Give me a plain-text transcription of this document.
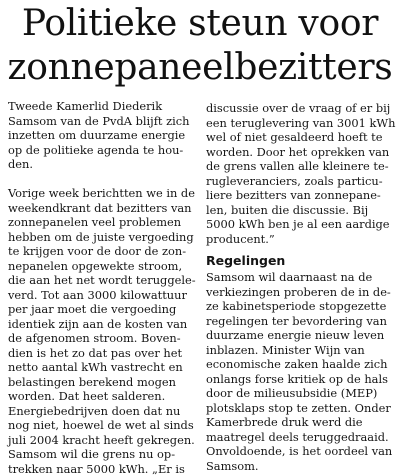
Politieke steun voor
zonnepaneelbezitters
Tweede Kamerlid Diederik
Samsom van de PvdA blijft zich
inzetten om duurzame energie
op de politieke agenda te hou-
den.
Vorige week berichtten we in de
weekendkrant dat bezitters van
zonnepanelen veel problemen
hebben om de juiste vergoeding
te krijgen voor de door de zon-
nepanelen opgewekte stroom,
die aan het net wordt teruggele-
verd. Tot aan 3000 kilowattuur
per jaar moet die vergoeding
identiek zijn aan de kosten van
de afgenomen stroom. Boven-
dien is het zo dat pas over het
netto aantal kWh vastrecht en
belastingen berekend mogen
worden. Dat heet salderen.
Energiebedrijven doen dat nu
nog niet, hoewel de wet al sinds
juli 2004 kracht heeft gekregen.
Samsom wil die grens nu op-
trekken naar 5000 kWh. „Er is
discussie over de vraag of er bij
een teruglevering van 3001 kWh
wel of niet gesaldeerd hoeft te
worden. Door het oprekken van
de grens vallen alle kleinere te-
rugleveranciers, zoals particu-
liere bezitters van zonnepane-
len, buiten die discussie. Bij
5000 kWh ben je al een aardige
producent.”
Regelingen
Samsom wil daarnaast na de
verkiezingen proberen de in de-
ze kabinetsperiode stopgezette
regelingen ter bevordering van
duurzame energie nieuw leven
inblazen. Minister Wijn van
economische zaken haalde zich
onlangs forse kritiek op de hals
door de milieusubsidie (MEP)
plotsklaps stop te zetten. Onder
Kamerbrede druk werd die
maatregel deels teruggedraaid.
Onvoldoende, is het oordeel van
Samsom.
